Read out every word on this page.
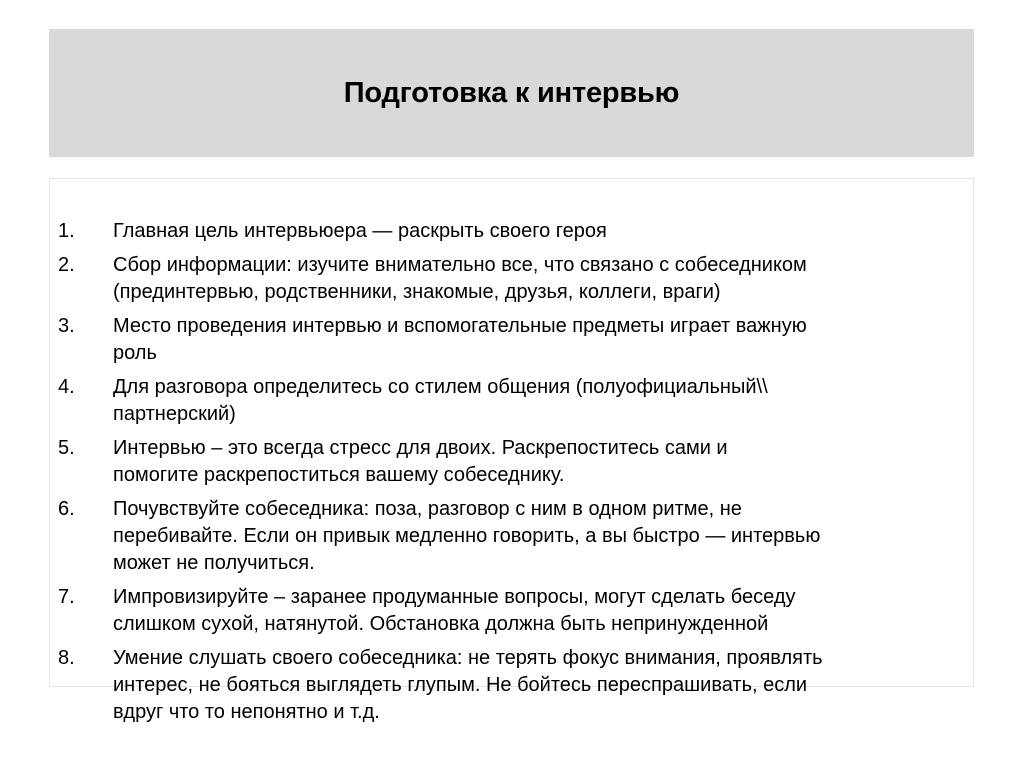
Подготовка к интервью
1. Главная цель интервьюера — раскрыть своего героя
2. Сбор информации: изучите внимательно все, что связано с собеседником
(прединтервью, родственники, знакомые, друзья, коллеги, враги)
3. Место проведения интервью и вспомогательные предметы играет важную
роль
4. Для разговора определитесь со стилем общения (полуофициальный\\
партнерский)
5. Интервью – это всегда стресс для двоих. Раскрепоститесь сами и
помогите раскрепоститься вашему собеседнику.
6. Почувствуйте собеседника: поза, разговор с ним в одном ритме, не
перебивайте. Если он привык медленно говорить, а вы быстро — интервью
может не получиться.
7. Импровизируйте – заранее продуманные вопросы, могут сделать беседу
слишком сухой, натянутой. Обстановка должна быть непринужденной
8. Умение слушать своего собеседника: не терять фокус внимания, проявлять
интерес, не бояться выглядеть глупым. Не бойтесь переспрашивать, если
вдруг что то непонятно и т.д.
